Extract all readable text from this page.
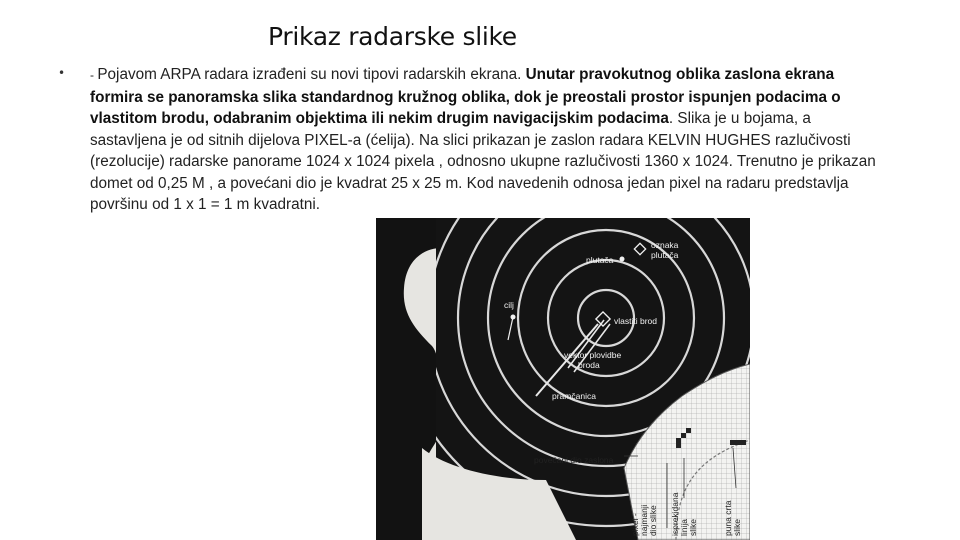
Prikaz radarske slike
• - Pojavom ARPA radara izrađeni su novi tipovi radarskih ekrana. Unutar pravokutnog oblika zaslona ekrana formira se panoramska slika standardnog kružnog oblika, dok je preostali prostor ispunjen podacima o vlastitom brodu, odabranim objektima ili nekim drugim navigacijskim podacima. Slika je u bojama, a sastavljena je od sitnih dijelova PIXEL-a (ćelija). Na slici prikazan je zaslon radara KELVIN HUGHES razlučivosti (rezolucije) radarske panorame 1024 x 1024 pixela , odnosno ukupne razlučivosti 1360 x 1024. Trenutno je prikazan domet od 0,25 M , a povećani dio je kvadrat 25 x 25 m. Kod navedenih odnosa jedan pixel na radaru predstavlja površinu od 1 x 1 = 1 m kvadratni.
oznaka
plutača
plutača
cilj
vlastiti brod
vektor plovidbe
broda
pramčanica
povećani dio zaslona
pixel - najmanji dio slike isprekidana linija slike	puna crta slike
